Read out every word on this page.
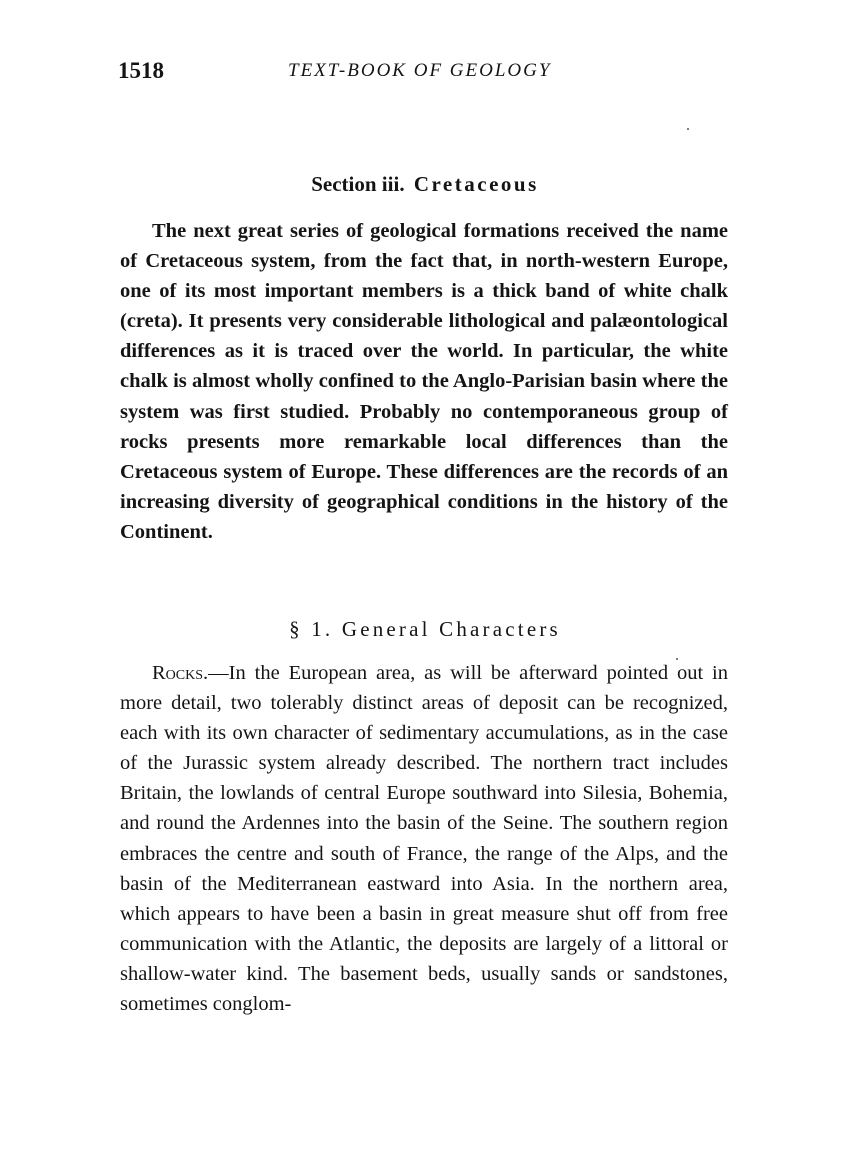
1518	TEXT-BOOK OF GEOLOGY
Section iii. Cretaceous

The next great series of geological formations received the name of Cretaceous system, from the fact that, in north-western Europe, one of its most important members is a thick band of white chalk (creta). It presents very considerable lithological and palæontological differences as it is traced over the world. In particular, the white chalk is almost wholly confined to the Anglo-Parisian basin where the system was first studied. Probably no contemporaneous group of rocks presents more remarkable local differences than the Cretaceous system of Europe. These differences are the records of an increasing diversity of geographical conditions in the history of the Continent.

§ 1. General Characters

Rocks.—In the European area, as will be afterward pointed out in more detail, two tolerably distinct areas of deposit can be recognized, each with its own character of sedimentary accumulations, as in the case of the Jurassic system already described. The northern tract includes Britain, the lowlands of central Europe southward into Silesia, Bohemia, and round the Ardennes into the basin of the Seine. The southern region embraces the centre and south of France, the range of the Alps, and the basin of the Mediterranean eastward into Asia. In the northern area, which appears to have been a basin in great measure shut off from free communication with the Atlantic, the deposits are largely of a littoral or shallow-water kind. The basement beds, usually sands or sandstones, sometimes conglom-
